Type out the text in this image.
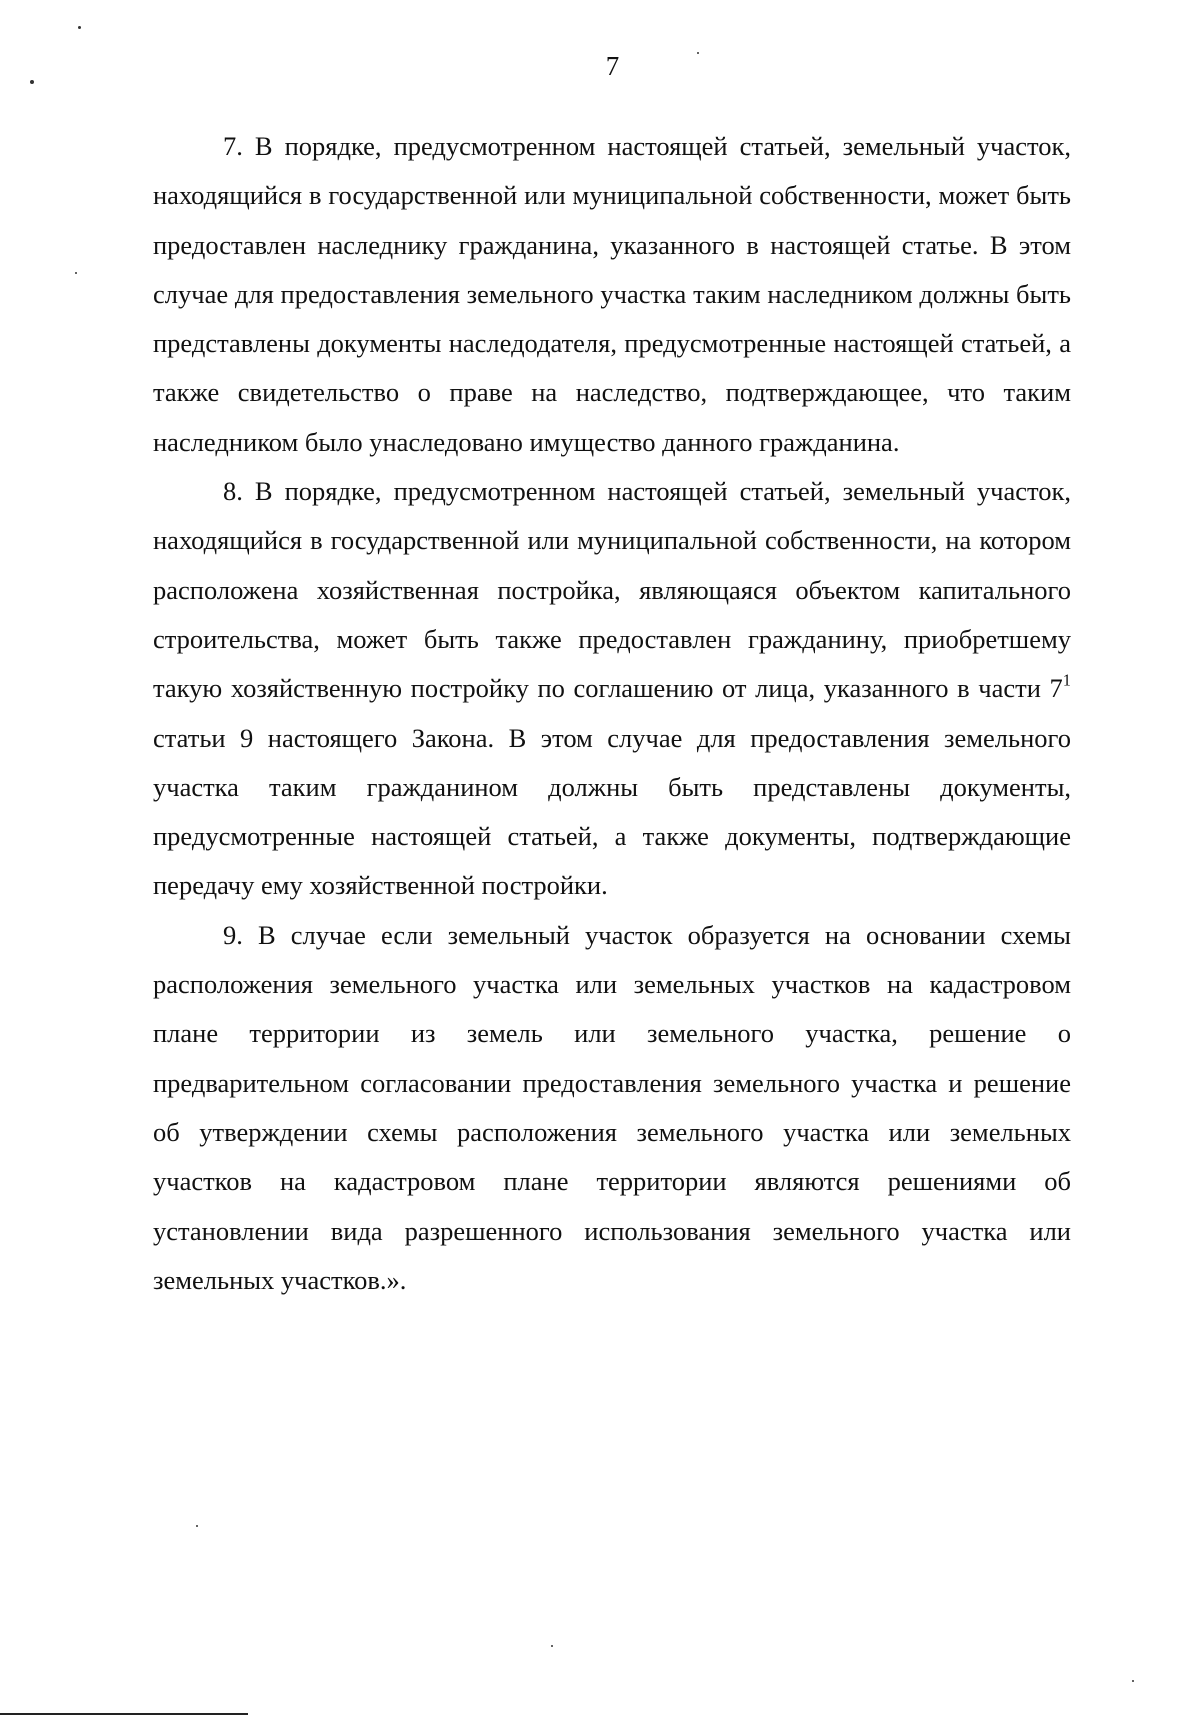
7

7. В порядке, предусмотренном настоящей статьей, земельный участок, находящийся в государственной или муниципальной собственности, может быть предоставлен наследнику гражданина, указанного в настоящей статье. В этом случае для предоставления земельного участка таким наследником должны быть представлены документы наследодателя, предусмотренные настоящей статьей, а также свидетельство о праве на наследство, подтверждающее, что таким наследником было унаследовано имущество данного гражданина.

8. В порядке, предусмотренном настоящей статьей, земельный участок, находящийся в государственной или муниципальной собственности, на котором расположена хозяйственная постройка, являющаяся объектом капитального строительства, может быть также предоставлен гражданину, приобретшему такую хозяйственную постройку по соглашению от лица, указанного в части $7^1$ статьи 9 настоящего Закона. В этом случае для предоставления земельного участка таким гражданином должны быть представлены документы, предусмотренные настоящей статьей, а также документы, подтверждающие передачу ему хозяйственной постройки.

9. В случае если земельный участок образуется на основании схемы расположения земельного участка или земельных участков на кадастровом плане территории из земель или земельного участка, решение о предварительном согласовании предоставления земельного участка и решение об утверждении схемы расположения земельного участка или земельных участков на кадастровом плане территории являются решениями об установлении вида разрешенного использования земельного участка или земельных участков.».
